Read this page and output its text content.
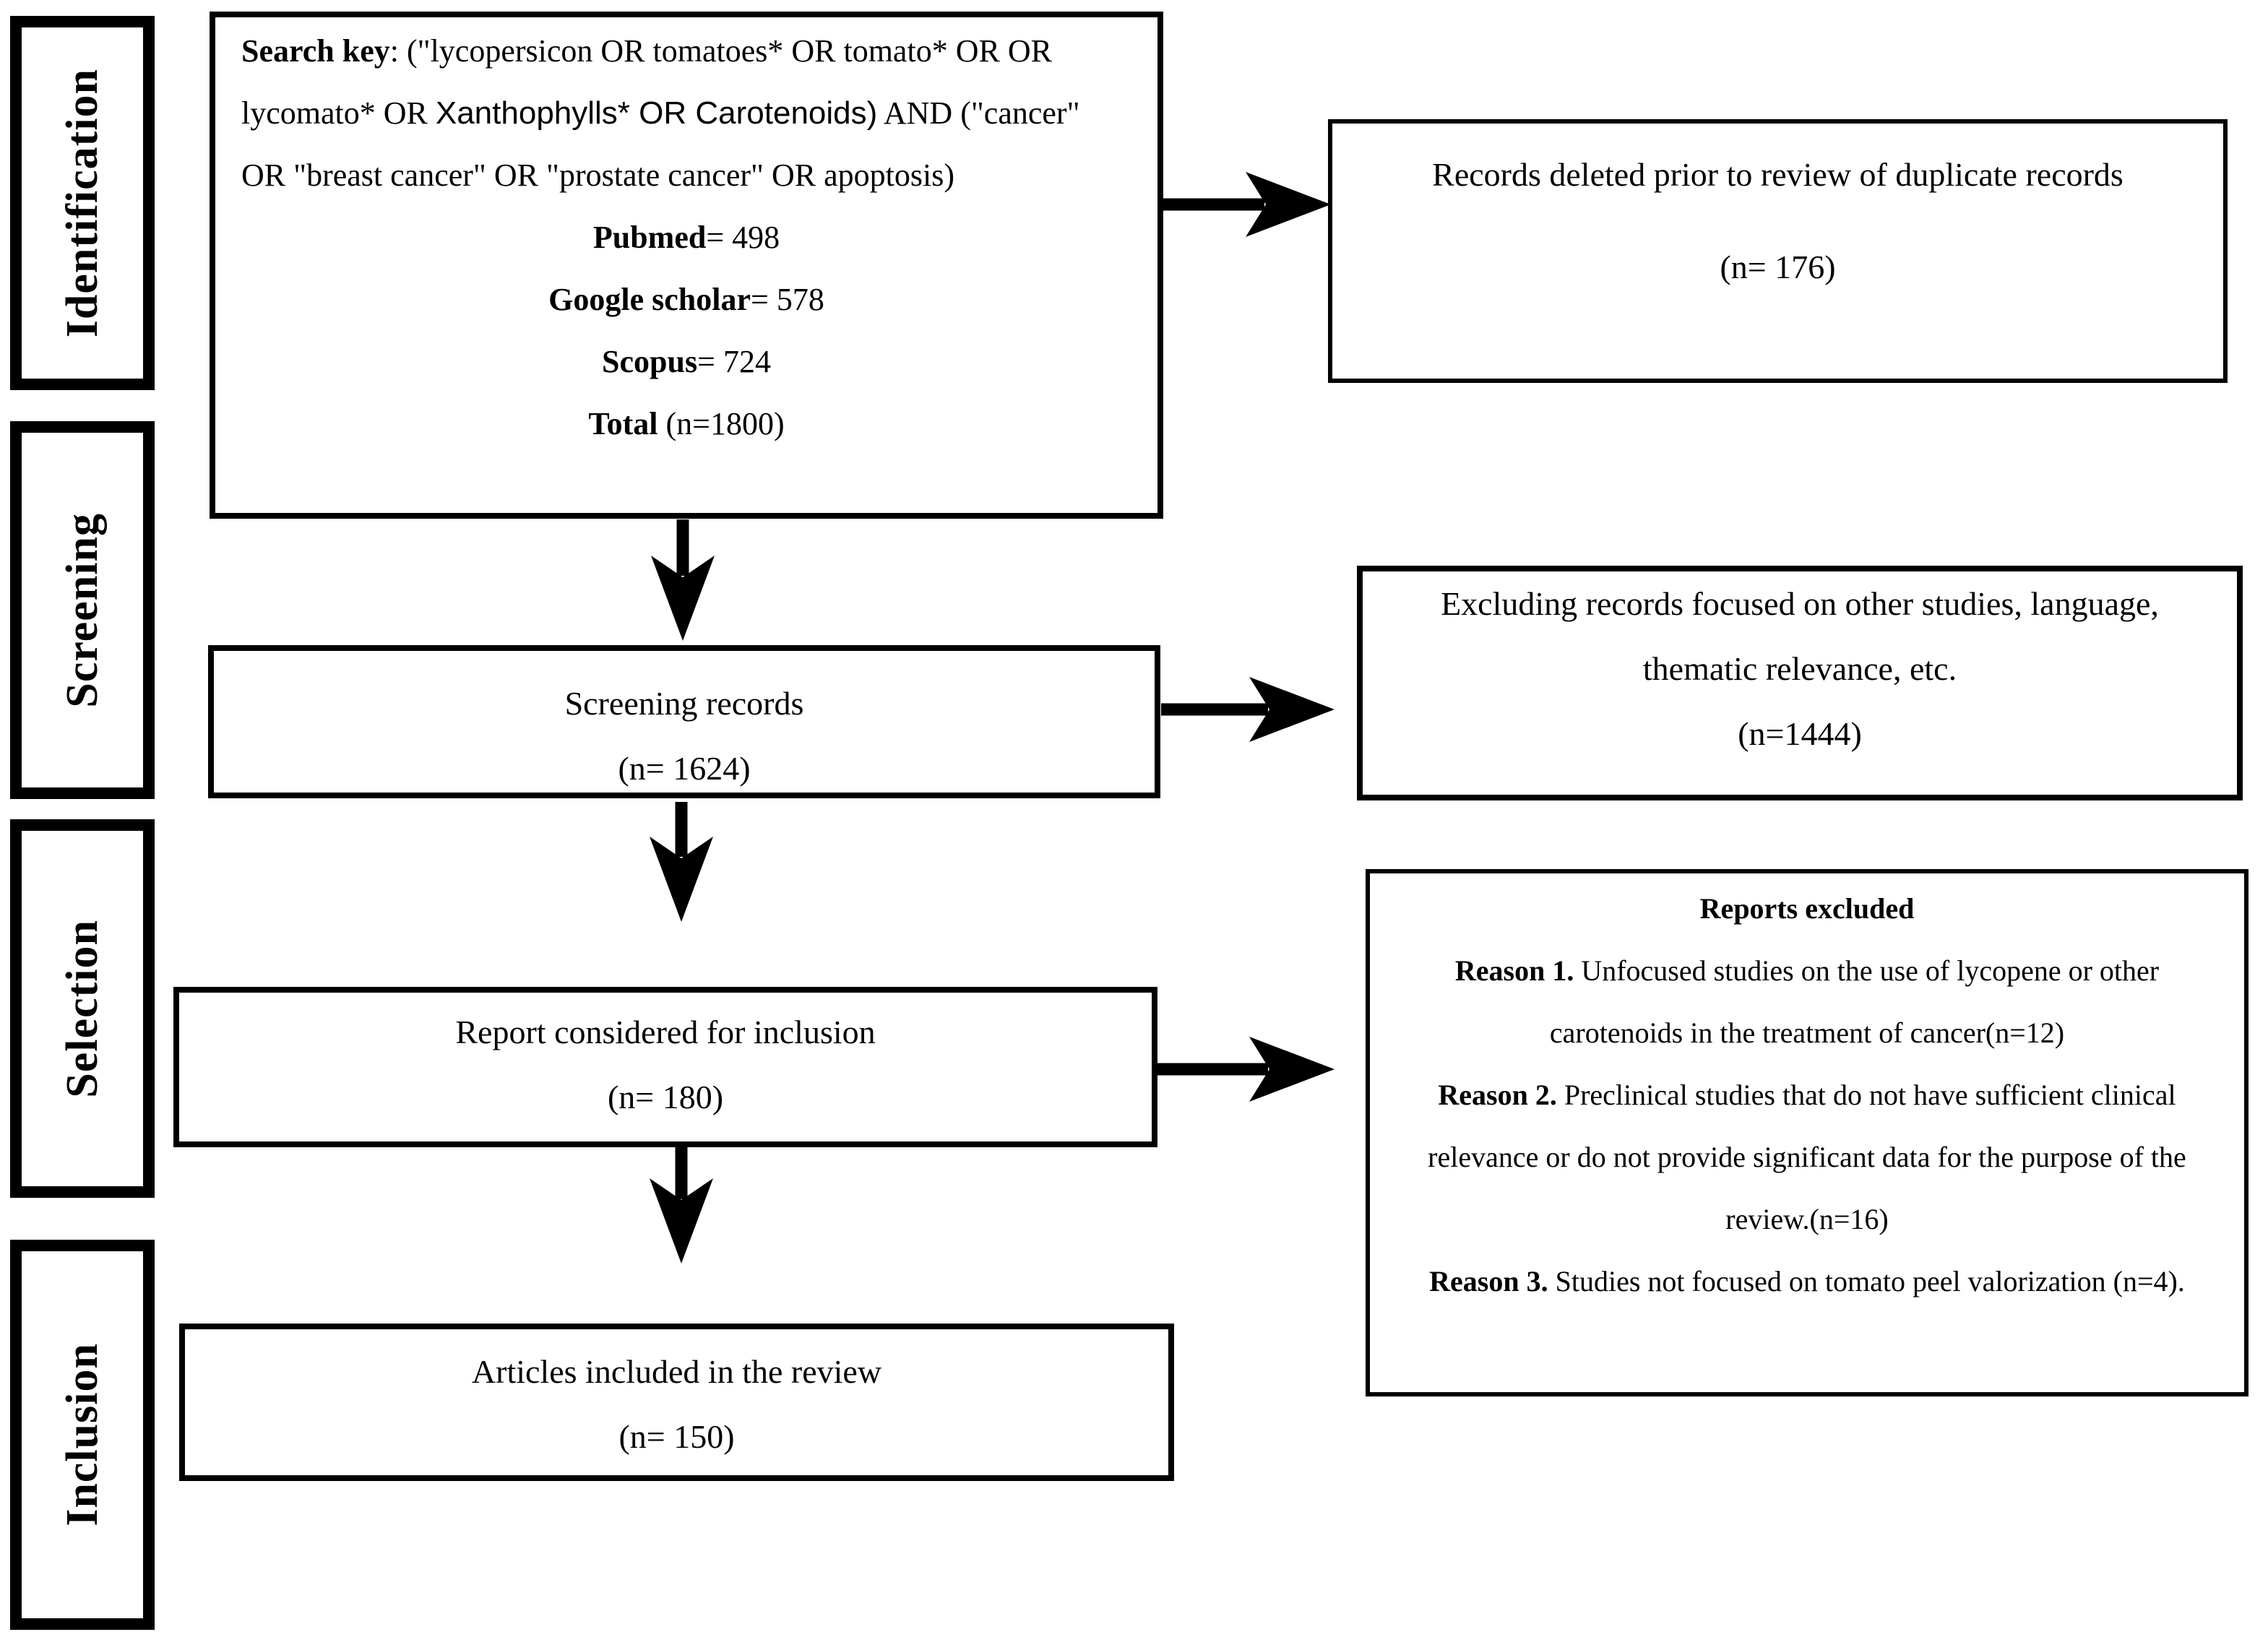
Identification
Screening
Selection
Inclusion

Search key: ("lycopersicon OR tomatoes* OR tomato* OR OR lycomato* OR Xanthophylls* OR Carotenoids) AND ("cancer" OR "breast cancer" OR "prostate cancer" OR apoptosis)

Pubmed= 498
Google scholar= 578
Scopus= 724
Total (n=1800)
Records deleted prior to review of duplicate records
(n= 176)
Screening records
(n= 1624)
Excluding records focused on other studies, language, thematic relevance, etc.
(n=1444)
Report considered for inclusion
(n= 180)

Reports excluded

Reason 1. Unfocused studies on the use of lycopene or other carotenoids in the treatment of cancer(n=12)

Reason 2. Preclinical studies that do not have sufficient clinical relevance or do not provide significant data for the purpose of the review.(n=16)

Reason 3. Studies not focused on tomato peel valorization (n=4).

Articles included in the review
(n= 150)
